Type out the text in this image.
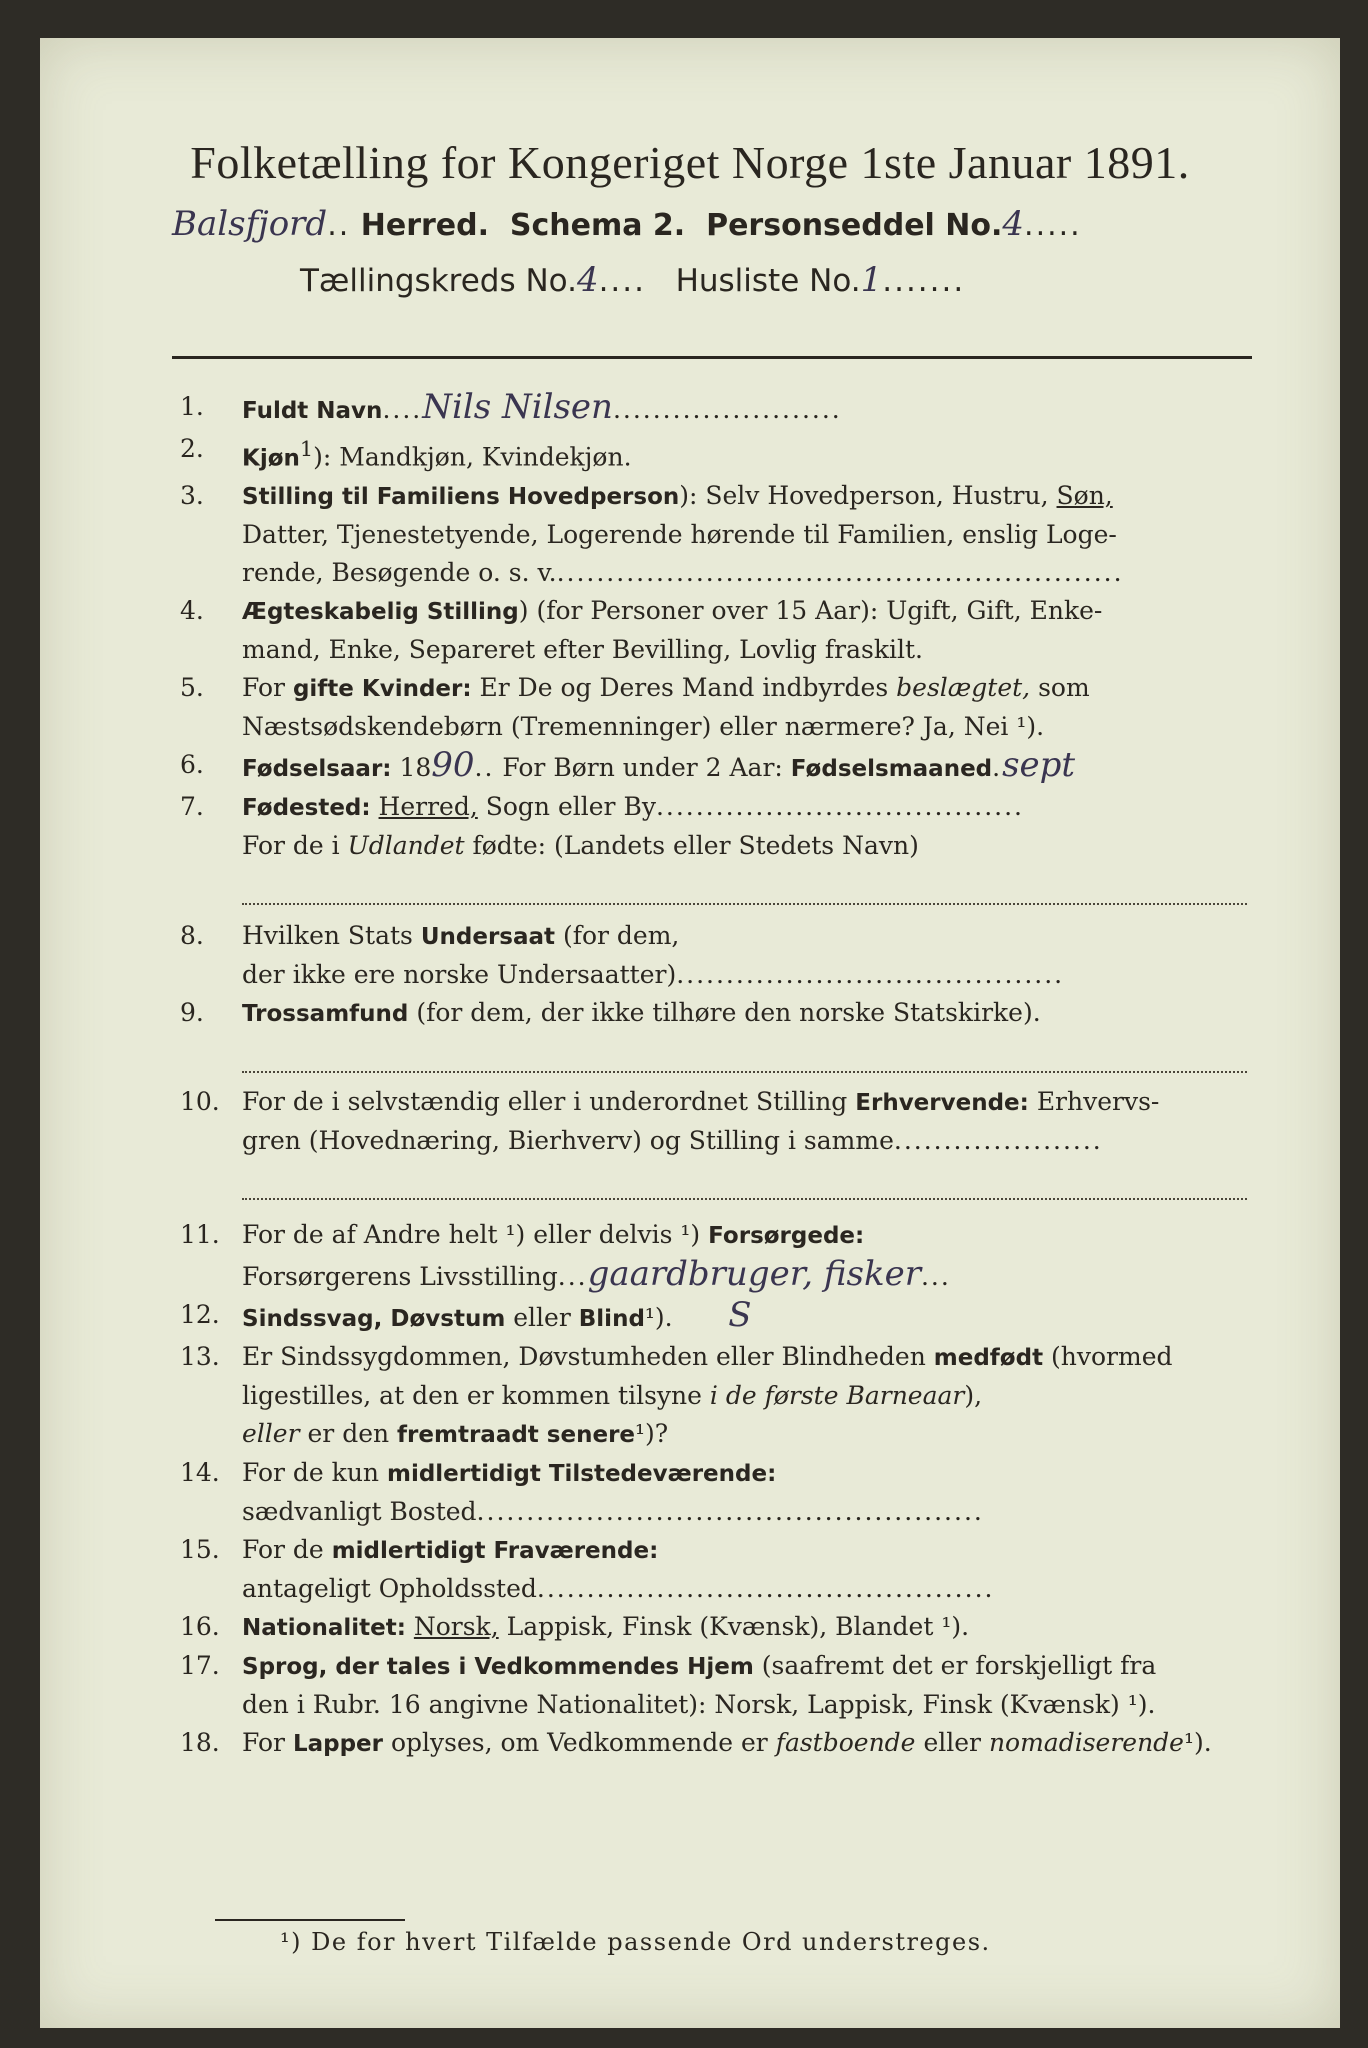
Folketælling for Kongeriget Norge 1ste Januar 1891.
Balsfjord.. Herred. Schema 2. Personseddel No.4.....
Tællingskreds No.4.... Husliste No.1.......
1.	Fuldt Navn....Nils Nilsen.......................
2.	Kjøn$^1$): Mandkjøn, Kvindekjøn.
3.	Stilling til Familiens Hovedperson): Selv Hovedperson, Hustru, Søn,
Datter, Tjenestetyende, Logerende hørende til Familien, enslig Loge-
rende, Besøgende o. s. v..........................................................
4.	Ægteskabelig Stilling) (for Personer over 15 Aar): Ugift, Gift, Enke-
mand, Enke, Separeret efter Bevilling, Lovlig fraskilt.
5.	For gifte Kvinder: Er De og Deres Mand indbyrdes beslægtet, som
Næstsødskendebørn (Tremenninger) eller nærmere? Ja, Nei ¹).
6.	Fødselsaar: 1890.. For Børn under 2 Aar: Fødselsmaaned.sept
7.	Fødested: Herred, Sogn eller By.....................................
For de i Udlandet fødte: (Landets eller Stedets Navn)
8.	Hvilken Stats Undersaat (for dem,
der ikke ere norske Undersaatter).......................................
9.	Trossamfund (for dem, der ikke tilhøre den norske Statskirke).
10. For de i selvstændig eller i underordnet Stilling Erhvervende: Erhvervs-
gren (Hovednæring, Bierhverv) og Stilling i samme.....................
11. For de af Andre helt ¹) eller delvis ¹) Forsørgede:
Forsørgerens Livsstilling...gaardbruger, fisker...
12. Sindssvag, Døvstum eller Blind¹). S
13. Er Sindssygdommen, Døvstumheden eller Blindheden medfødt (hvormed
ligestilles, at den er kommen tilsyne i de første Barneaar),
eller er den fremtraadt senere¹)?
14. For de kun midlertidigt Tilstedeværende:
sædvanligt Bosted...................................................
15. For de midlertidigt Fraværende:
antageligt Opholdssted..............................................
16. Nationalitet: Norsk, Lappisk, Finsk (Kvænsk), Blandet ¹).
17. Sprog, der tales i Vedkommendes Hjem (saafremt det er forskjelligt fra
den i Rubr. 16 angivne Nationalitet): Norsk, Lappisk, Finsk (Kvænsk) ¹).
18. For Lapper oplyses, om Vedkommende er fastboende eller nomadiserende¹).
¹) De for hvert Tilfælde passende Ord understreges.
